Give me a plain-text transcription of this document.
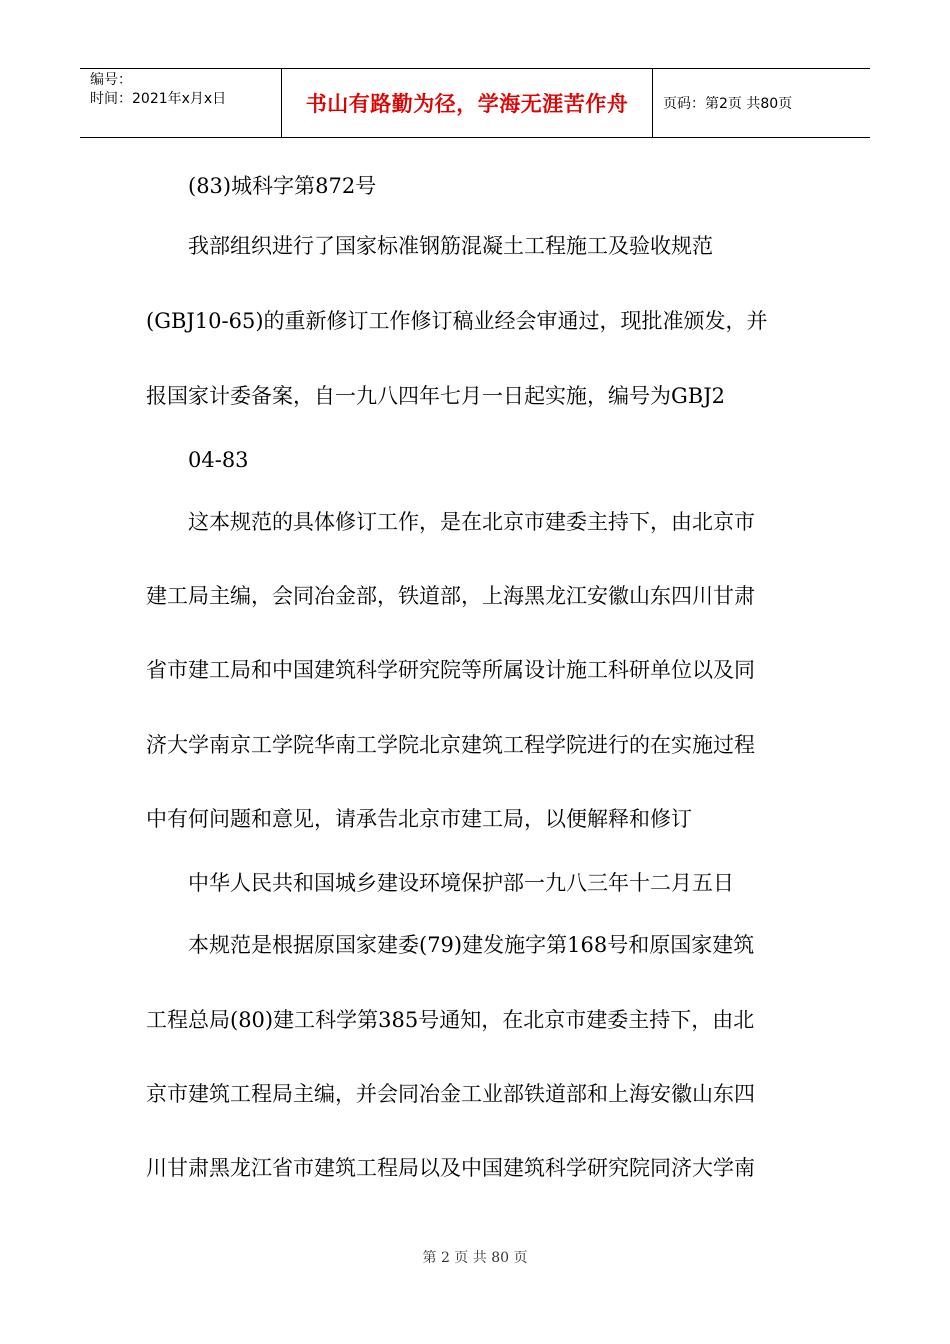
编号：
时间：2021年x月x日	书山有路勤为径，学海无涯苦作舟	页码：第2页 共80页
(83)城科字第872号
我部组织进行了国家标准钢筋混凝土工程施工及验收规范
(GBJ10-65)的重新修订工作修订稿业经会审通过，现批准颁发，并
报国家计委备案，自一九八四年七月一日起实施，编号为GBJ2
04-83
这本规范的具体修订工作，是在北京市建委主持下，由北京市
建工局主编，会同冶金部，铁道部，上海黑龙江安徽山东四川甘肃
省市建工局和中国建筑科学研究院等所属设计施工科研单位以及同
济大学南京工学院华南工学院北京建筑工程学院进行的在实施过程
中有何问题和意见，请承告北京市建工局，以便解释和修订
中华人民共和国城乡建设环境保护部一九八三年十二月五日
本规范是根据原国家建委(79)建发施字第168号和原国家建筑
工程总局(80)建工科学第385号通知，在北京市建委主持下，由北
京市建筑工程局主编，并会同冶金工业部铁道部和上海安徽山东四
川甘肃黑龙江省市建筑工程局以及中国建筑科学研究院同济大学南
第 2 页 共 80 页
